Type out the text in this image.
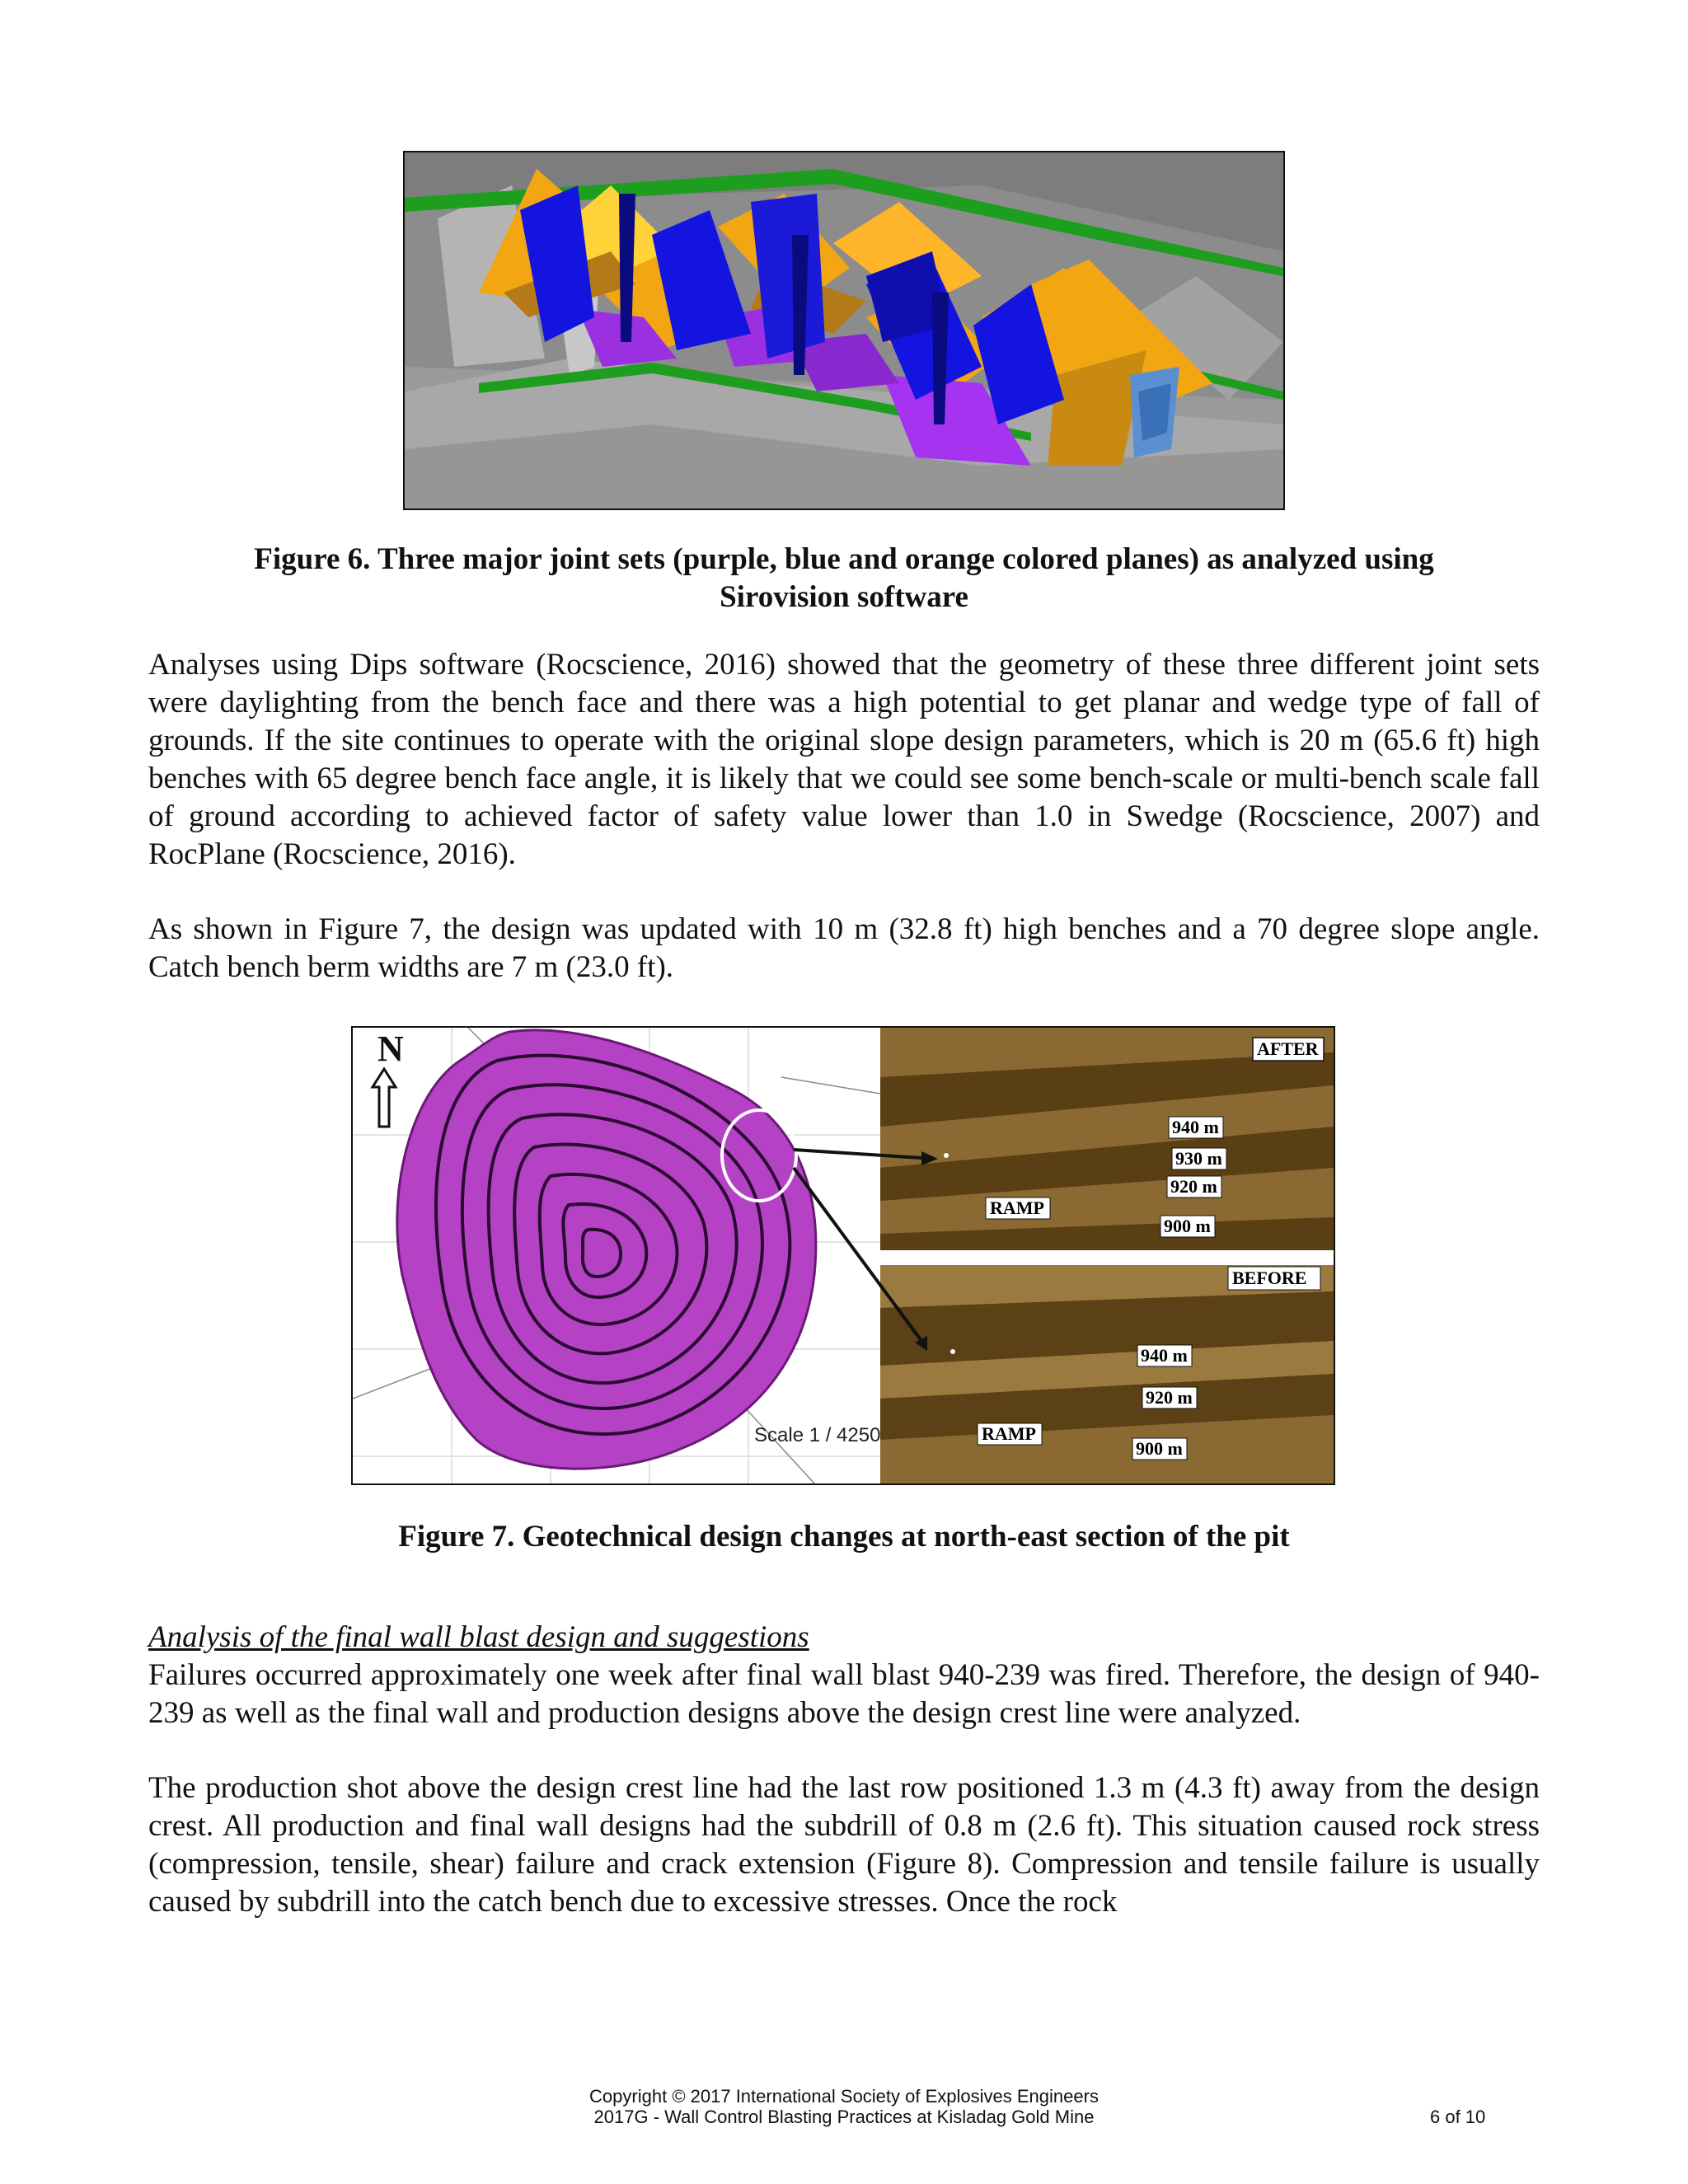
Figure 6. Three major joint sets (purple, blue and orange colored planes) as analyzed using
Sirovision software

Analyses using Dips software (Rocscience, 2016) showed that the geometry of these three different joint sets were daylighting from the bench face and there was a high potential to get planar and wedge type of fall of grounds. If the site continues to operate with the original slope design parameters, which is 20 m (65.6 ft) high benches with 65 degree bench face angle, it is likely that we could see some bench-scale or multi-bench scale fall of ground according to achieved factor of safety value lower than 1.0 in Swedge (Rocscience, 2007) and RocPlane (Rocscience, 2016).

As shown in Figure 7, the design was updated with 10 m (32.8 ft) high benches and a 70 degree slope angle. Catch bench berm widths are 7 m (23.0 ft).

N
Scale 1 / 4250
AFTER
940 m
930 m
920 m
900 m
RAMP
BEFORE
940 m
920 m
900 m
RAMP
Figure 7. Geotechnical design changes at north-east section of the pit
Analysis of the final wall blast design and suggestions

Failures occurred approximately one week after final wall blast 940-239 was fired. Therefore, the design of 940-239 as well as the final wall and production designs above the design crest line were analyzed.

The production shot above the design crest line had the last row positioned 1.3 m (4.3 ft) away from the design crest. All production and final wall designs had the subdrill of 0.8 m (2.6 ft). This situation caused rock stress (compression, tensile, shear) failure and crack extension (Figure 8). Compression and tensile failure is usually caused by subdrill into the catch bench due to excessive stresses. Once the rock

Copyright © 2017 International Society of Explosives Engineers
2017G - Wall Control Blasting Practices at Kisladag Gold Mine	6 of 10
